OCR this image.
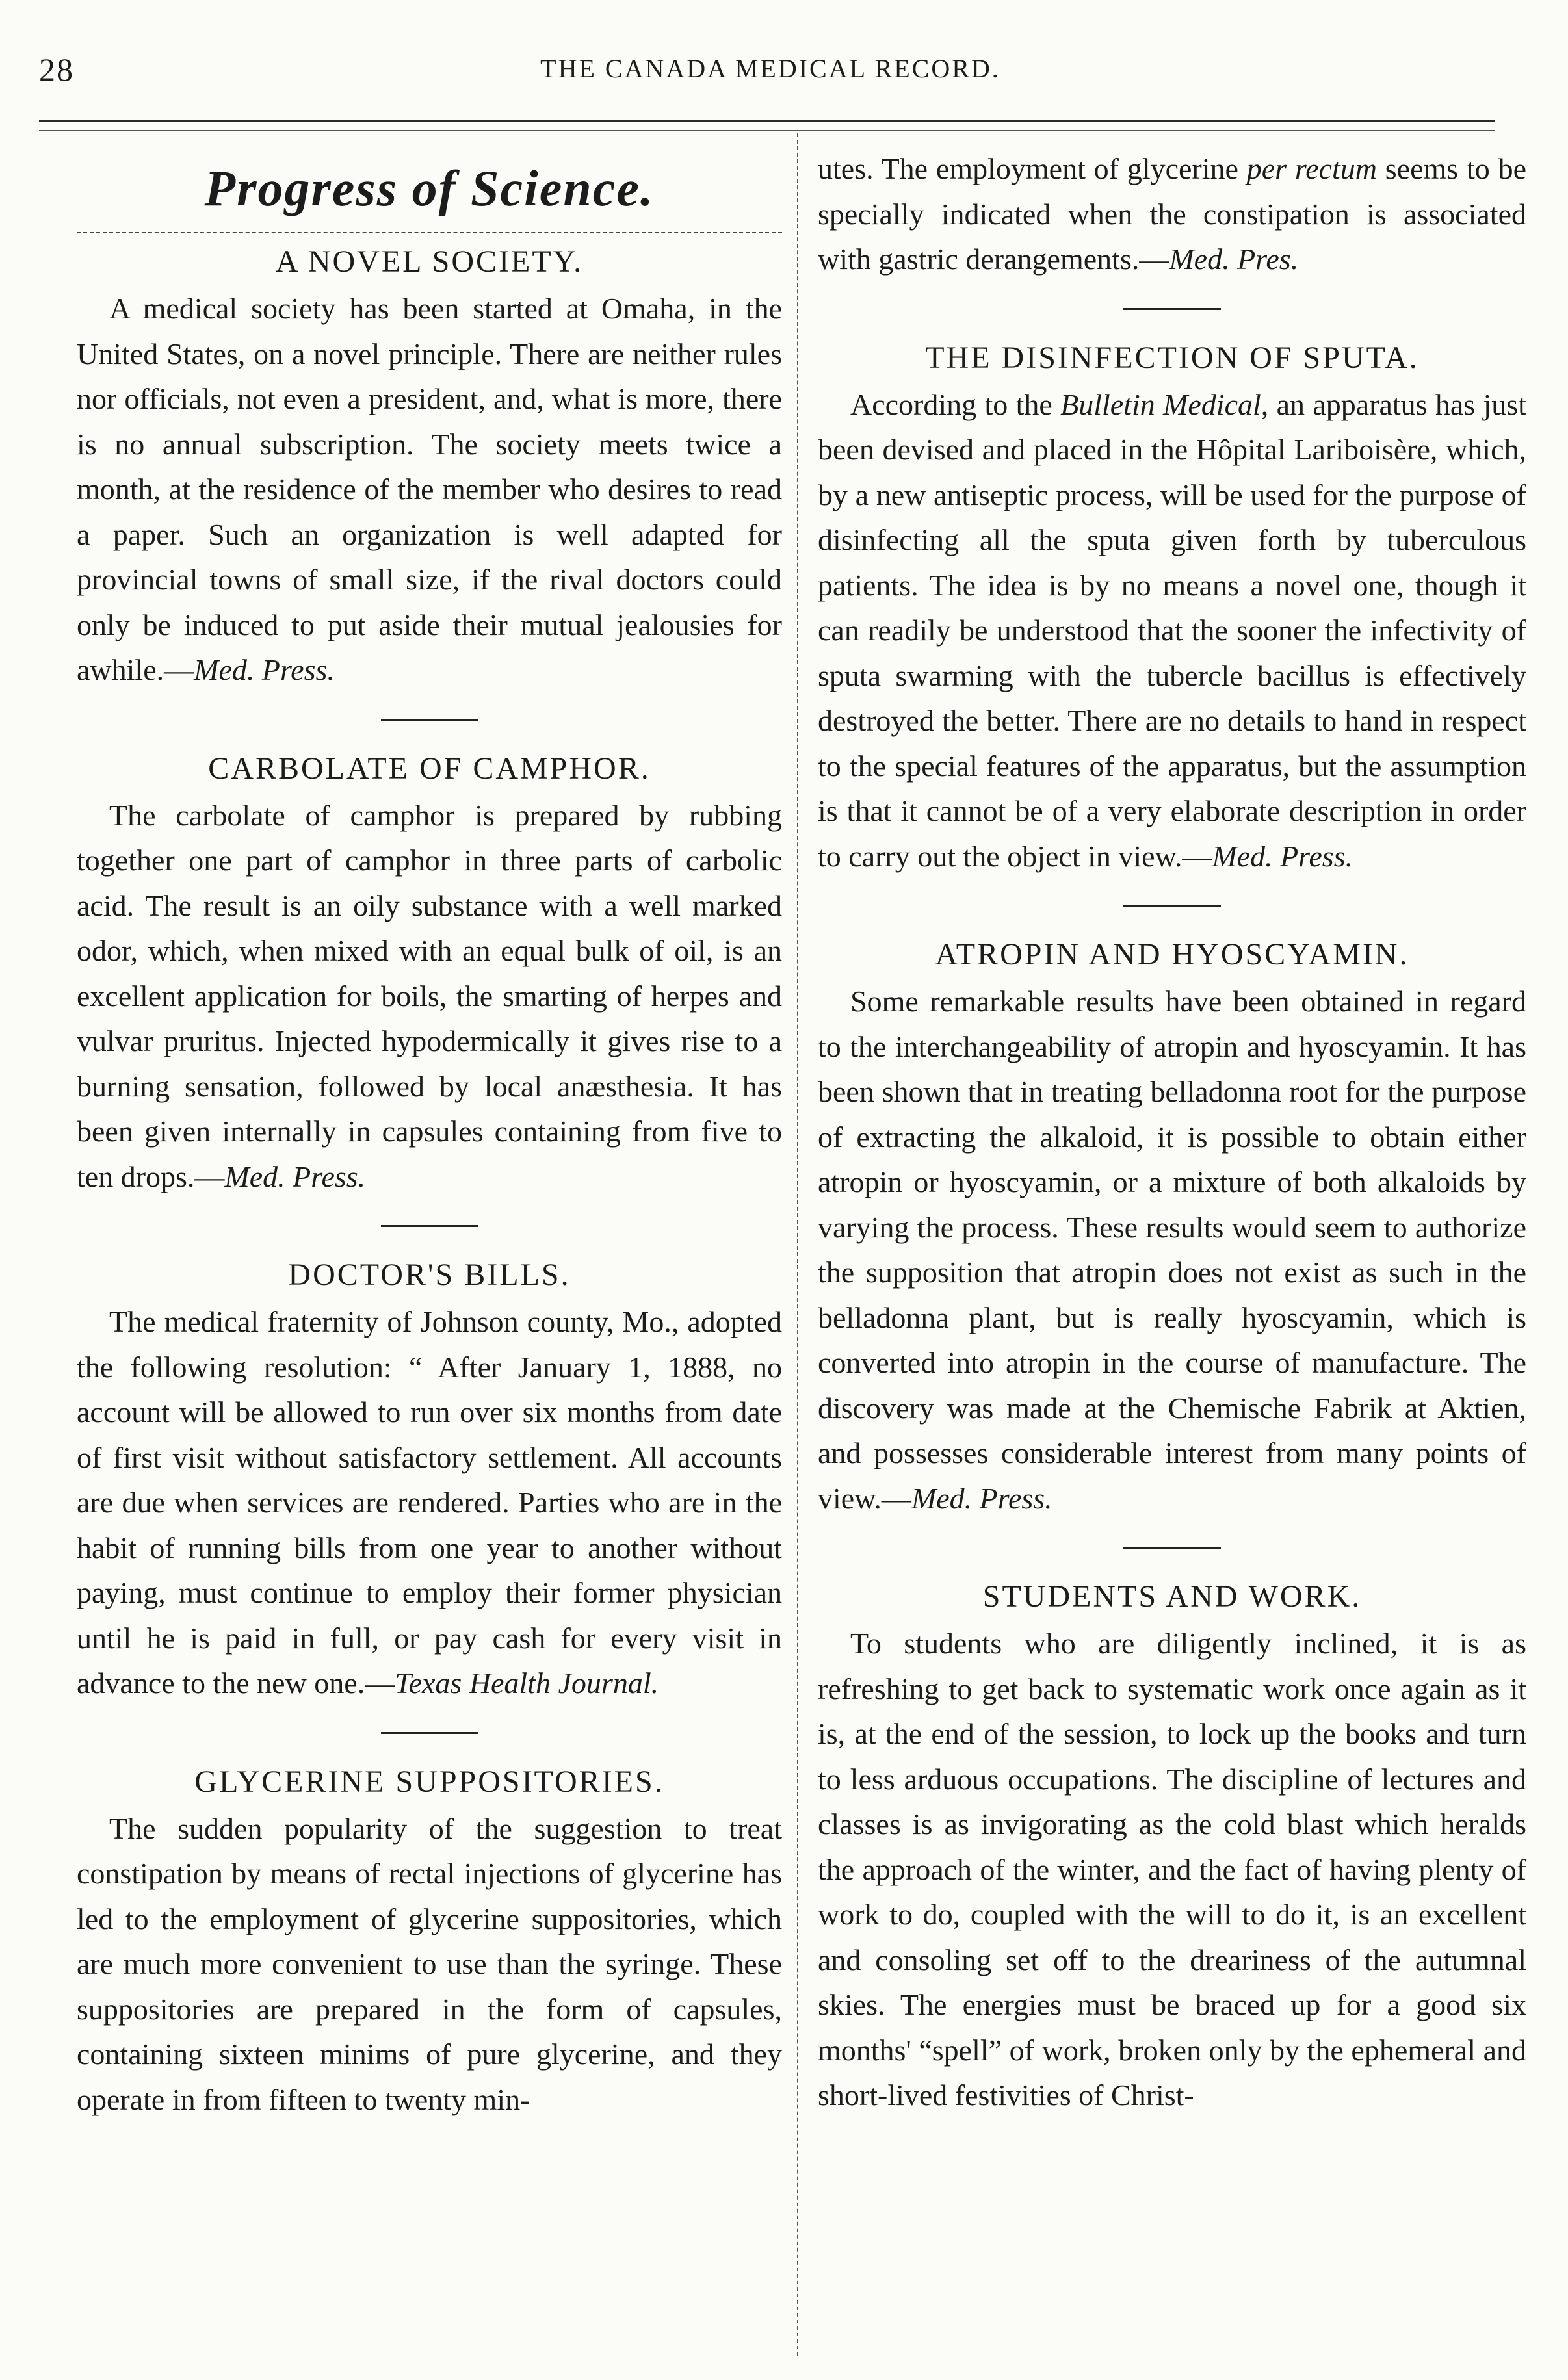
28	THE CANADA MEDICAL RECORD.
Progress of Science.
A NOVEL SOCIETY.

A medical society has been started at Omaha, in the United States, on a novel principle. There are neither rules nor officials, not even a president, and, what is more, there is no annual subscription. The society meets twice a month, at the residence of the member who desires to read a paper. Such an organization is well adapted for provincial towns of small size, if the rival doctors could only be induced to put aside their mutual jealousies for awhile.—Med. Press.

CARBOLATE OF CAMPHOR.

The carbolate of camphor is prepared by rubbing together one part of camphor in three parts of carbolic acid. The result is an oily substance with a well marked odor, which, when mixed with an equal bulk of oil, is an excellent application for boils, the smarting of herpes and vulvar pruritus. Injected hypodermically it gives rise to a burning sensation, followed by local anæsthesia. It has been given internally in capsules containing from five to ten drops.—Med. Press.

DOCTOR'S BILLS.

The medical fraternity of Johnson county, Mo., adopted the following resolution: “ After January 1, 1888, no account will be allowed to run over six months from date of first visit without satisfactory settlement. All accounts are due when services are rendered. Parties who are in the habit of running bills from one year to another without paying, must continue to employ their former physician until he is paid in full, or pay cash for every visit in advance to the new one.—Texas Health Journal.

GLYCERINE SUPPOSITORIES.

The sudden popularity of the suggestion to treat constipation by means of rectal injections of glycerine has led to the employment of glycerine suppositories, which are much more convenient to use than the syringe. These suppositories are prepared in the form of capsules, containing sixteen minims of pure glycerine, and they operate in from fifteen to twenty min-

utes. The employment of glycerine per rectum seems to be specially indicated when the constipation is associated with gastric derangements.—Med. Pres.

THE DISINFECTION OF SPUTA.

According to the Bulletin Medical, an apparatus has just been devised and placed in the Hôpital Lariboisère, which, by a new antiseptic process, will be used for the purpose of disinfecting all the sputa given forth by tuberculous patients. The idea is by no means a novel one, though it can readily be understood that the sooner the infectivity of sputa swarming with the tubercle bacillus is effectively destroyed the better. There are no details to hand in respect to the special features of the apparatus, but the assumption is that it cannot be of a very elaborate description in order to carry out the object in view.—Med. Press.

ATROPIN AND HYOSCYAMIN.

Some remarkable results have been obtained in regard to the interchangeability of atropin and hyoscyamin. It has been shown that in treating belladonna root for the purpose of extracting the alkaloid, it is possible to obtain either atropin or hyoscyamin, or a mixture of both alkaloids by varying the process. These results would seem to authorize the supposition that atropin does not exist as such in the belladonna plant, but is really hyoscyamin, which is converted into atropin in the course of manufacture. The discovery was made at the Chemische Fabrik at Aktien, and possesses considerable interest from many points of view.—Med. Press.

STUDENTS AND WORK.

To students who are diligently inclined, it is as refreshing to get back to systematic work once again as it is, at the end of the session, to lock up the books and turn to less arduous occupations. The discipline of lectures and classes is as invigorating as the cold blast which heralds the approach of the winter, and the fact of having plenty of work to do, coupled with the will to do it, is an excellent and consoling set off to the dreariness of the autumnal skies. The energies must be braced up for a good six months' “spell” of work, broken only by the ephemeral and short-lived festivities of Christ-
